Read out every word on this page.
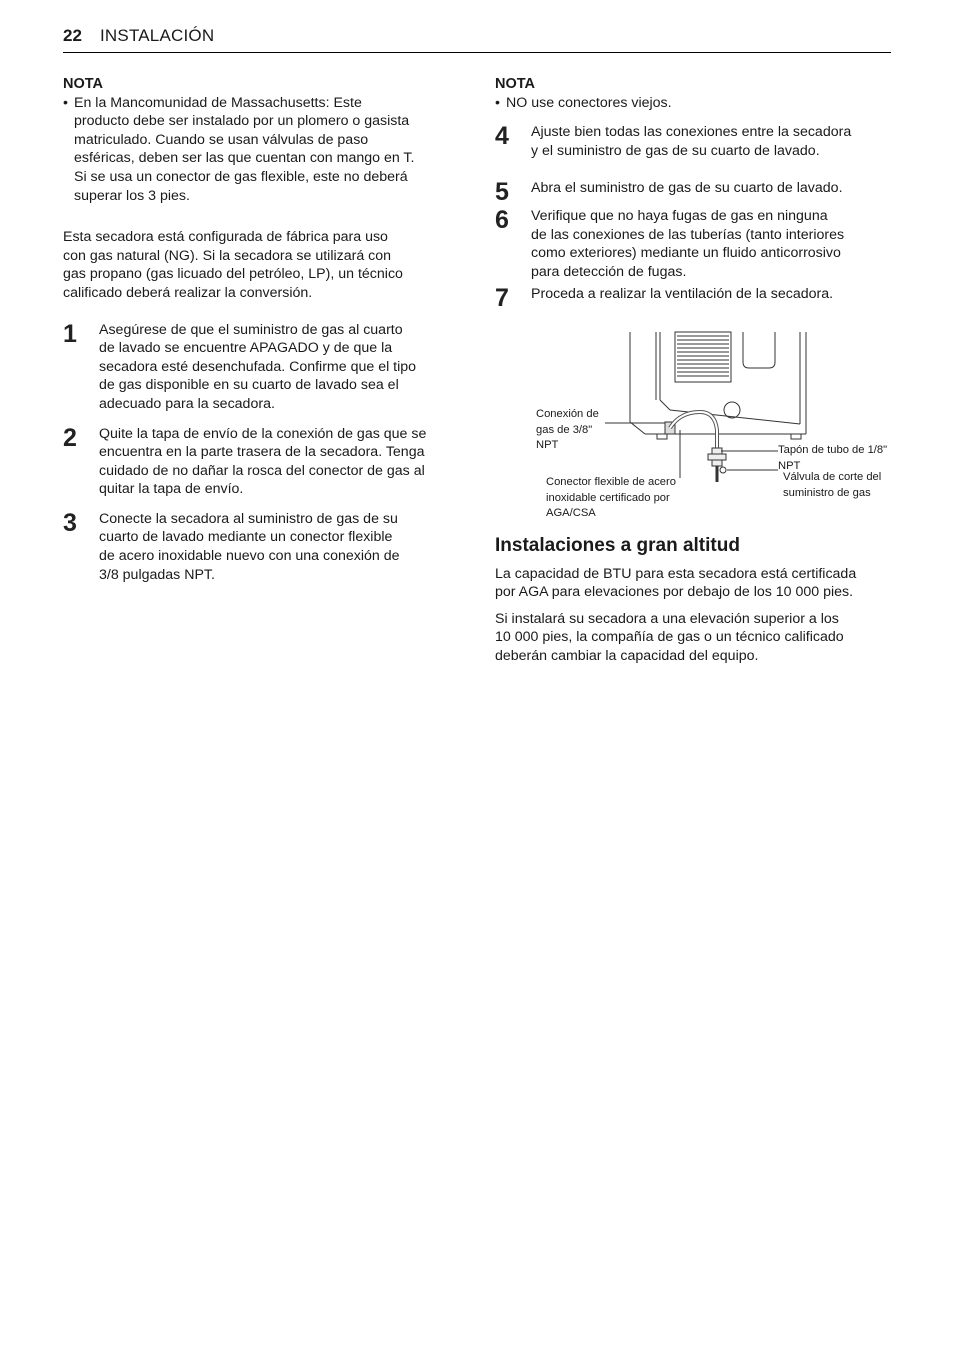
22 INSTALACIÓN

NOTA

• En la Mancomunidad de Massachusetts: Este
producto debe ser instalado por un plomero o gasista
matriculado. Cuando se usan válvulas de paso
esféricas, deben ser las que cuentan con mango en T.
Si se usa un conector de gas flexible, este no deberá
superar los 3 pies.
Esta secadora está configurada de fábrica para uso
con gas natural (NG). Si la secadora se utilizará con
gas propano (gas licuado del petróleo, LP), un técnico
calificado deberá realizar la conversión.
1 Asegúrese de que el suministro de gas al cuarto
de lavado se encuentre APAGADO y de que la
secadora esté desenchufada. Confirme que el tipo
de gas disponible en su cuarto de lavado sea el
adecuado para la secadora.
2 Quite la tapa de envío de la conexión de gas que se
encuentra en la parte trasera de la secadora. Tenga
cuidado de no dañar la rosca del conector de gas al
quitar la tapa de envío.
3 Conecte la secadora al suministro de gas de su
cuarto de lavado mediante un conector flexible
de acero inoxidable nuevo con una conexión de
3/8 pulgadas NPT.

NOTA

• NO use conectores viejos.
4 Ajuste bien todas las conexiones entre la secadora
y el suministro de gas de su cuarto de lavado.
5 Abra el suministro de gas de su cuarto de lavado.
6 Verifique que no haya fugas de gas en ninguna
de las conexiones de las tuberías (tanto interiores
como exteriores) mediante un fluido anticorrosivo
para detección de fugas.
7 Proceda a realizar la ventilación de la secadora.
Conexión de
gas de 3/8"
NPT
Conector flexible de acero
inoxidable certificado por
AGA/CSA
Tapón de tubo de 1/8"
NPT
Válvula de corte del
suministro de gas

Instalaciones a gran altitud

La capacidad de BTU para esta secadora está certificada
por AGA para elevaciones por debajo de los 10 000 pies.
Si instalará su secadora a una elevación superior a los
10 000 pies, la compañía de gas o un técnico calificado
deberán cambiar la capacidad del equipo.
